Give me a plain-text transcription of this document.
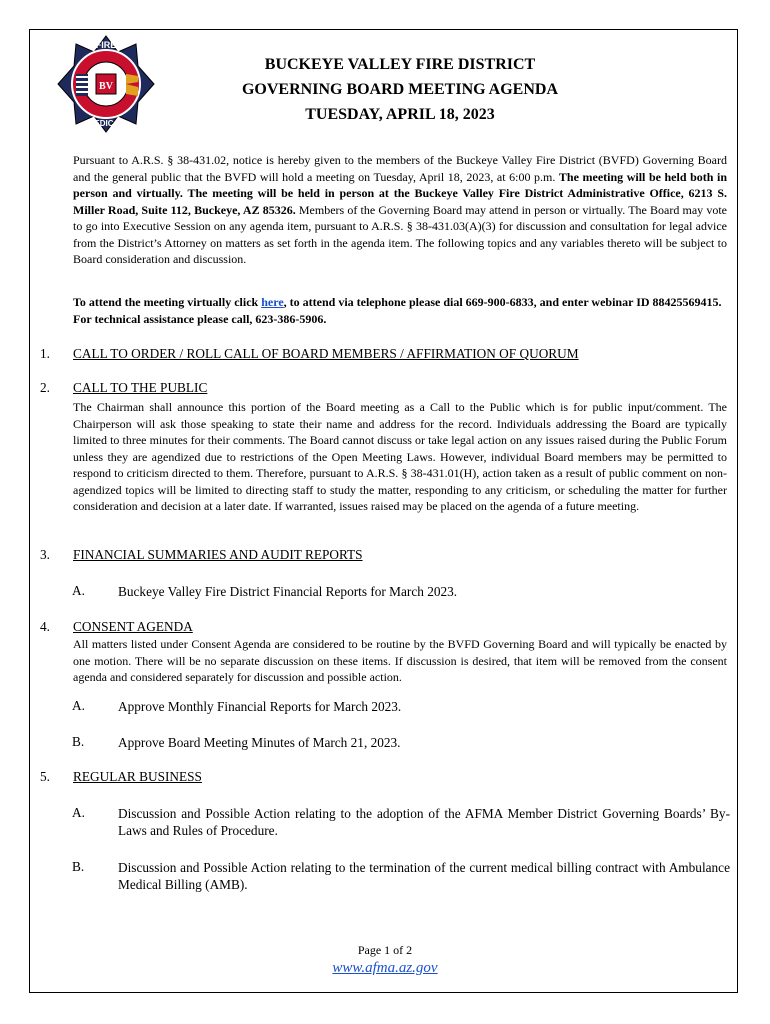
BV
FIRE
MEDICAL
BUCKEYE VALLEY FIRE DISTRICT
GOVERNING BOARD MEETING AGENDA
TUESDAY, APRIL 18, 2023
Pursuant to A.R.S. § 38-431.02, notice is hereby given to the members of the Buckeye Valley Fire District (BVFD) Governing Board and the general public that the BVFD will hold a meeting on Tuesday, April 18, 2023, at 6:00 p.m. The meeting will be held both in person and virtually. The meeting will be held in person at the Buckeye Valley Fire District Administrative Office, 6213 S. Miller Road, Suite 112, Buckeye, AZ 85326. Members of the Governing Board may attend in person or virtually. The Board may vote to go into Executive Session on any agenda item, pursuant to A.R.S. § 38-431.03(A)(3) for discussion and consultation for legal advice from the District’s Attorney on matters as set forth in the agenda item. The following topics and any variables thereto will be subject to Board consideration and discussion.
To attend the meeting virtually click here, to attend via telephone please dial 669-900-6833, and enter webinar ID 88425569415. For technical assistance please call, 623-386-5906.
1. CALL TO ORDER / ROLL CALL OF BOARD MEMBERS / AFFIRMATION OF QUORUM
2. CALL TO THE PUBLIC
The Chairman shall announce this portion of the Board meeting as a Call to the Public which is for public input/comment. The Chairperson will ask those speaking to state their name and address for the record. Individuals addressing the Board are typically limited to three minutes for their comments. The Board cannot discuss or take legal action on any issues raised during the Public Forum unless they are agendized due to restrictions of the Open Meeting Laws. However, individual Board members may be permitted to respond to criticism directed to them. Therefore, pursuant to A.R.S. § 38-431.01(H), action taken as a result of public comment on non-agendized topics will be limited to directing staff to study the matter, responding to any criticism, or scheduling the matter for further consideration and decision at a later date. If warranted, issues raised may be placed on the agenda of a future meeting.
3. FINANCIAL SUMMARIES AND AUDIT REPORTS
A. Buckeye Valley Fire District Financial Reports for March 2023.
4. CONSENT AGENDA
All matters listed under Consent Agenda are considered to be routine by the BVFD Governing Board and will typically be enacted by one motion. There will be no separate discussion on these items. If discussion is desired, that item will be removed from the consent agenda and considered separately for discussion and possible action.
A. Approve Monthly Financial Reports for March 2023.
B.	Approve Board Meeting Minutes of March 21, 2023.
5. REGULAR BUSINESS
A. Discussion and Possible Action relating to the adoption of the AFMA Member District Governing Boards’ By-Laws and Rules of Procedure.
B.	Discussion and Possible Action relating to the termination of the current medical billing contract with Ambulance Medical Billing (AMB).
Page 1 of 2
www.afma.az.gov
